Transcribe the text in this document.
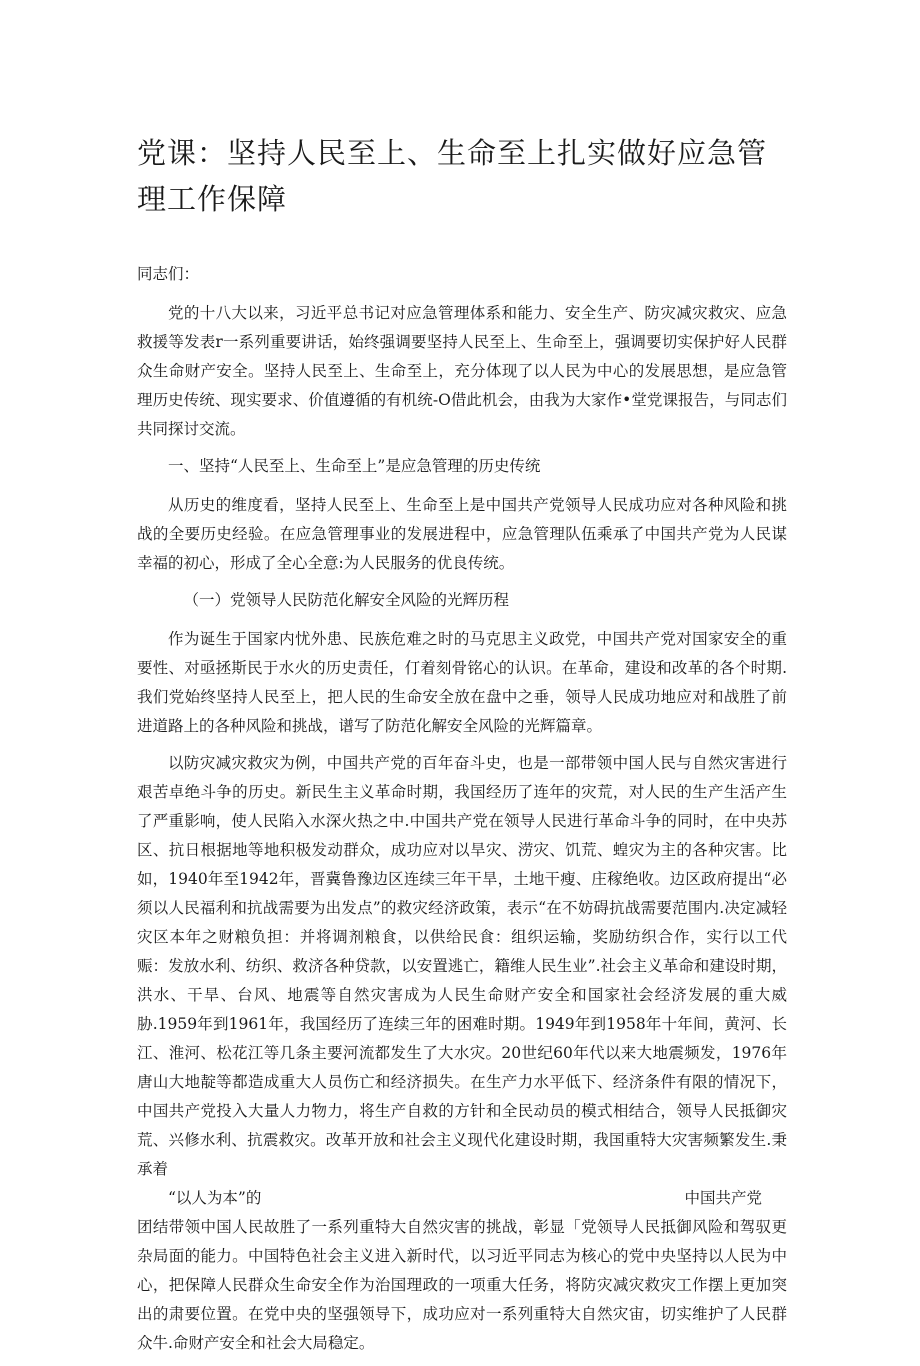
党课：坚持人民至上、生命至上扎实做好应急管理工作保障
同志们：

党的十八大以来，习近平总书记对应急管理体系和能力、安全生产、防灾减灾救灾、应急救援等发表r一系列重要讲话，始终强调要坚持人民至上、生命至上，强调要切实保护好人民群众生命财产安全。坚持人民至上、生命至上，充分体现了以人民为中心的发展思想，是应急管理历史传统、现实要求、价值遵循的有机统-O借此机会，由我为大家作•堂党课报告，与同志们共同探讨交流。

一、坚持“人民至上、生命至上”是应急管理的历史传统

从历史的维度看，坚持人民至上、生命至上是中国共产党领导人民成功应对各种风险和挑战的全要历史经验。在应急管理事业的发展进程中，应急管理队伍乘承了中国共产党为人民谋幸福的初心，形成了全心全意:为人民服务的优良传统。

（一）党领导人民防范化解安全风险的光辉历程

作为诞生于国家内忧外患、民族危难之时的马克思主义政党，中国共产党对国家安全的重要性、对亟拯斯民于水火的历史责任，仃着刻骨铭心的认识。在革命，建设和改革的各个时期.我们党始终坚持人民至上，把人民的生命安全放在盘中之垂，领导人民成功地应对和战胜了前进道路上的各种风险和挑战，谱写了防范化解安全风险的光辉篇章。

以防灾减灾救灾为例，中国共产党的百年奋斗史，也是一部带领中国人民与自然灾害进行艰苦卓绝斗争的历史。新民生主义革命时期，我国经历了连年的灾荒，对人民的生产生活产生了严重影响，使人民陷入水深火热之中.中国共产党在领导人民进行革命斗争的同时，在中央苏区、抗日根据地等地积极发动群众，成功应对以旱灾、涝灾、饥荒、蝗灾为主的各种灾害。比如，1940年至1942年，晋冀鲁豫边区连续三年干旱，土地干瘦、庄稼绝收。边区政府提出“必须以人民福利和抗战需要为出发点”的救灾经济政策，表示“在不妨碍抗战需要范围内.决定减轻灾区本年之财粮负担：并将调剂粮食，以供给民食：组织运输，奖励纺织合作，实行以工代赈：发放水利、纺织、救济各种贷款，以安置逃亡，籍维人民生业”.社会主义革命和建设时期，洪水、干旱、台风、地震等自然灾害成为人民生命财产安全和国家社会经济发展的重大威胁.1959年到1961年，我国经历了连续三年的困难时期。1949年到1958年十年间，黄河、长江、淮河、松花江等几条主要河流都发生了大水灾。20世纪60年代以来大地震频发，1976年唐山大地靛等都造成重大人员伤亡和经济损失。在生产力水平低下、经济条件有限的情况下，中国共产党投入大量人力物力，将生产自救的方针和全民动员的模式相结合，领导人民抵御灾荒、兴修水利、抗震救灾。改革开放和社会主义现代化建设时期，我国重特大灾害频繁发生.秉承着

“以人为本”的	中国共产党

团结带领中国人民故胜了一系列重特大自然灾害的挑战，彰显「党领导人民抵御风险和驾驭更杂局面的能力。中国特色社会主义进入新时代，以习近平同志为核心的党中央坚持以人民为中心，把保障人民群众生命安全作为治国理政的一项重大任务，将防灾减灾救灾工作摆上更加突出的肃要位置。在党中央的坚强领导下，成功应对一系列重特大自然灾宙，切实维护了人民群众牛.命财产安全和社会大局稳定。
